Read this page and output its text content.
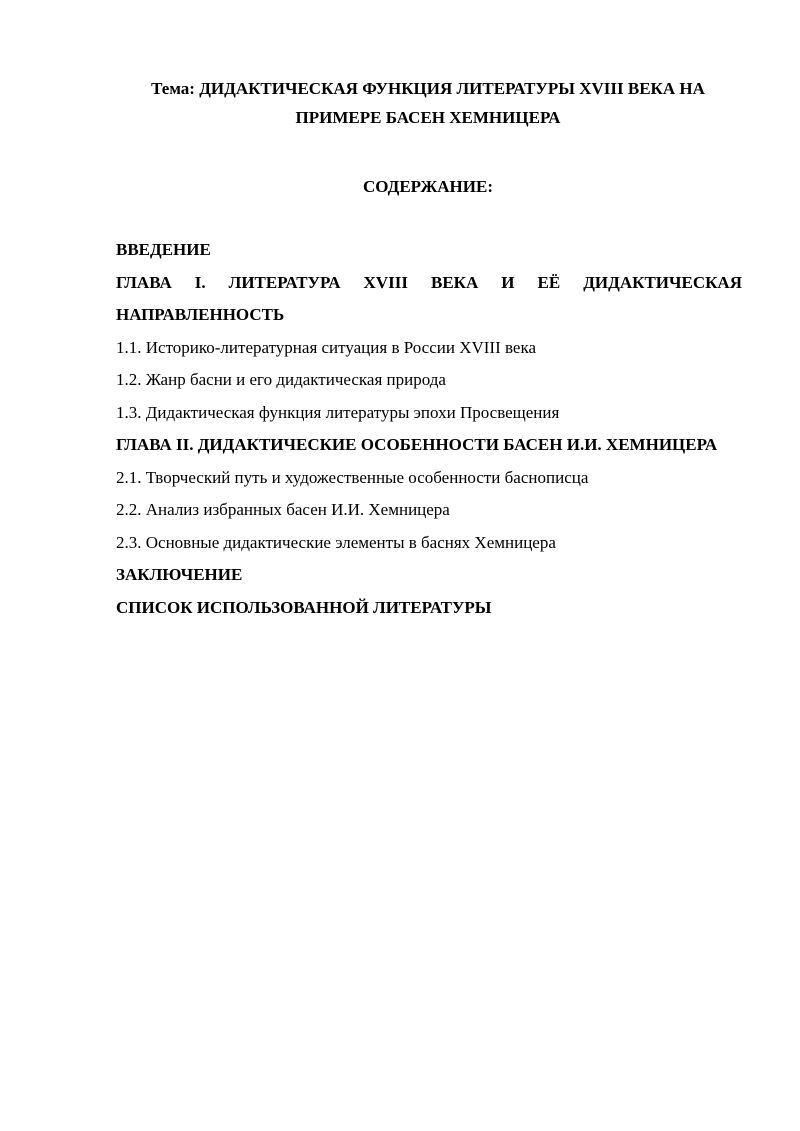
Тема: ДИДАКТИЧЕСКАЯ ФУНКЦИЯ ЛИТЕРАТУРЫ XVIII ВЕКА НА ПРИМЕРЕ БАСЕН ХЕМНИЦЕРА
СОДЕРЖАНИЕ:
ВВЕДЕНИЕ
ГЛАВА I. ЛИТЕРАТУРА XVIII ВЕКА И ЕЁ ДИДАКТИЧЕСКАЯ НАПРАВЛЕННОСТЬ
1.1. Историко-литературная ситуация в России XVIII века
1.2. Жанр басни и его дидактическая природа
1.3. Дидактическая функция литературы эпохи Просвещения
ГЛАВА II. ДИДАКТИЧЕСКИЕ ОСОБЕННОСТИ БАСЕН И.И. ХЕМНИЦЕРА
2.1. Творческий путь и художественные особенности баснописца
2.2. Анализ избранных басен И.И. Хемницера
2.3. Основные дидактические элементы в баснях Хемницера
ЗАКЛЮЧЕНИЕ
СПИСОК ИСПОЛЬЗОВАННОЙ ЛИТЕРАТУРЫ
